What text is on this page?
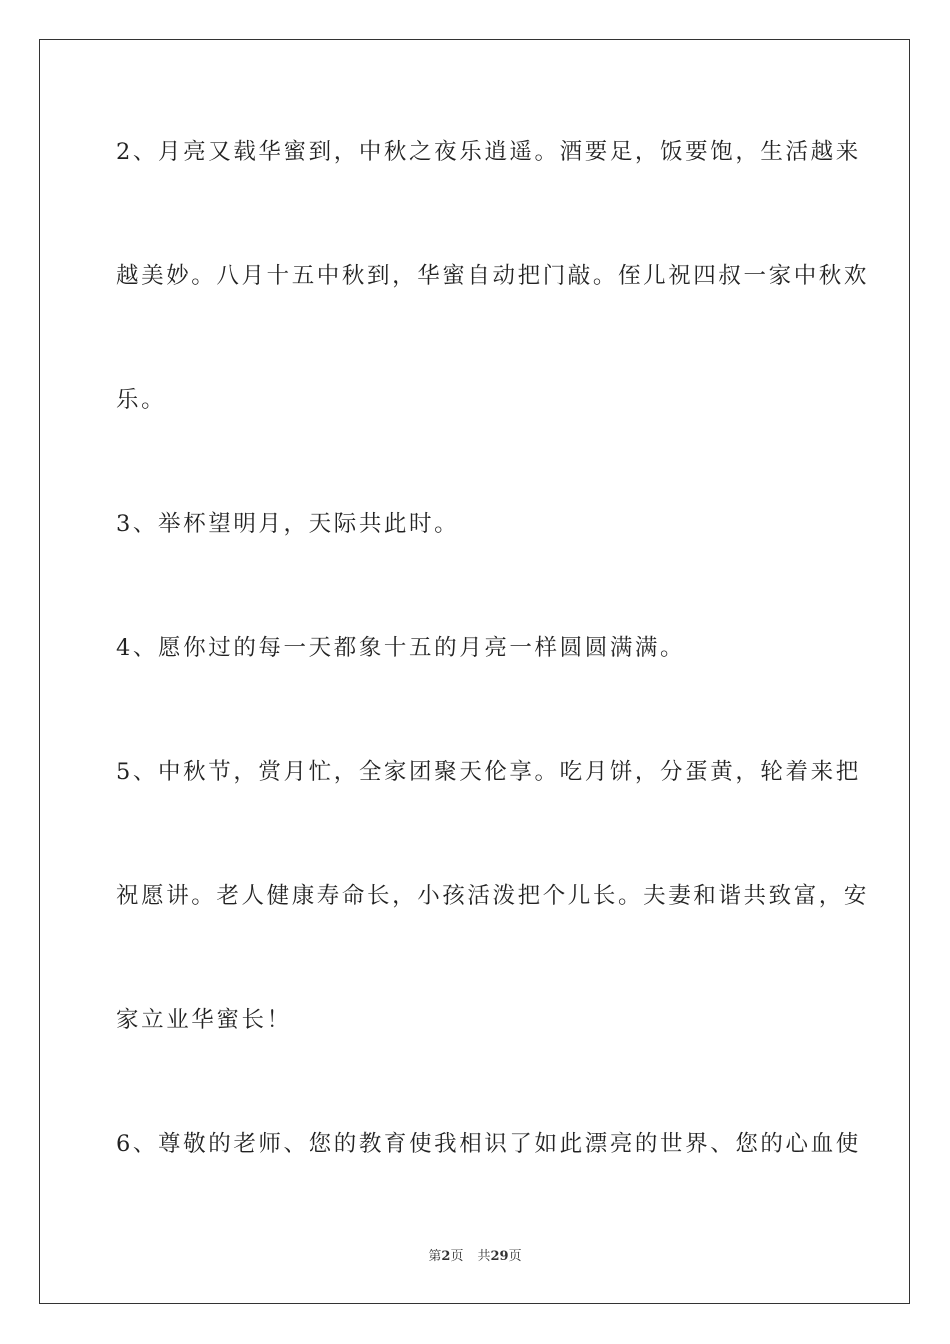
2、月亮又载华蜜到，中秋之夜乐逍遥。酒要足，饭要饱，生活越来
越美妙。八月十五中秋到，华蜜自动把门敲。侄儿祝四叔一家中秋欢
乐。
3、举杯望明月，天际共此时。
4、愿你过的每一天都象十五的月亮一样圆圆满满。
5、中秋节，赏月忙，全家团聚天伦享。吃月饼，分蛋黄，轮着来把
祝愿讲。老人健康寿命长，小孩活泼把个儿长。夫妻和谐共致富，安
家立业华蜜长！
6、尊敬的老师、您的教育使我相识了如此漂亮的世界、您的心血使
第2页 共29页
